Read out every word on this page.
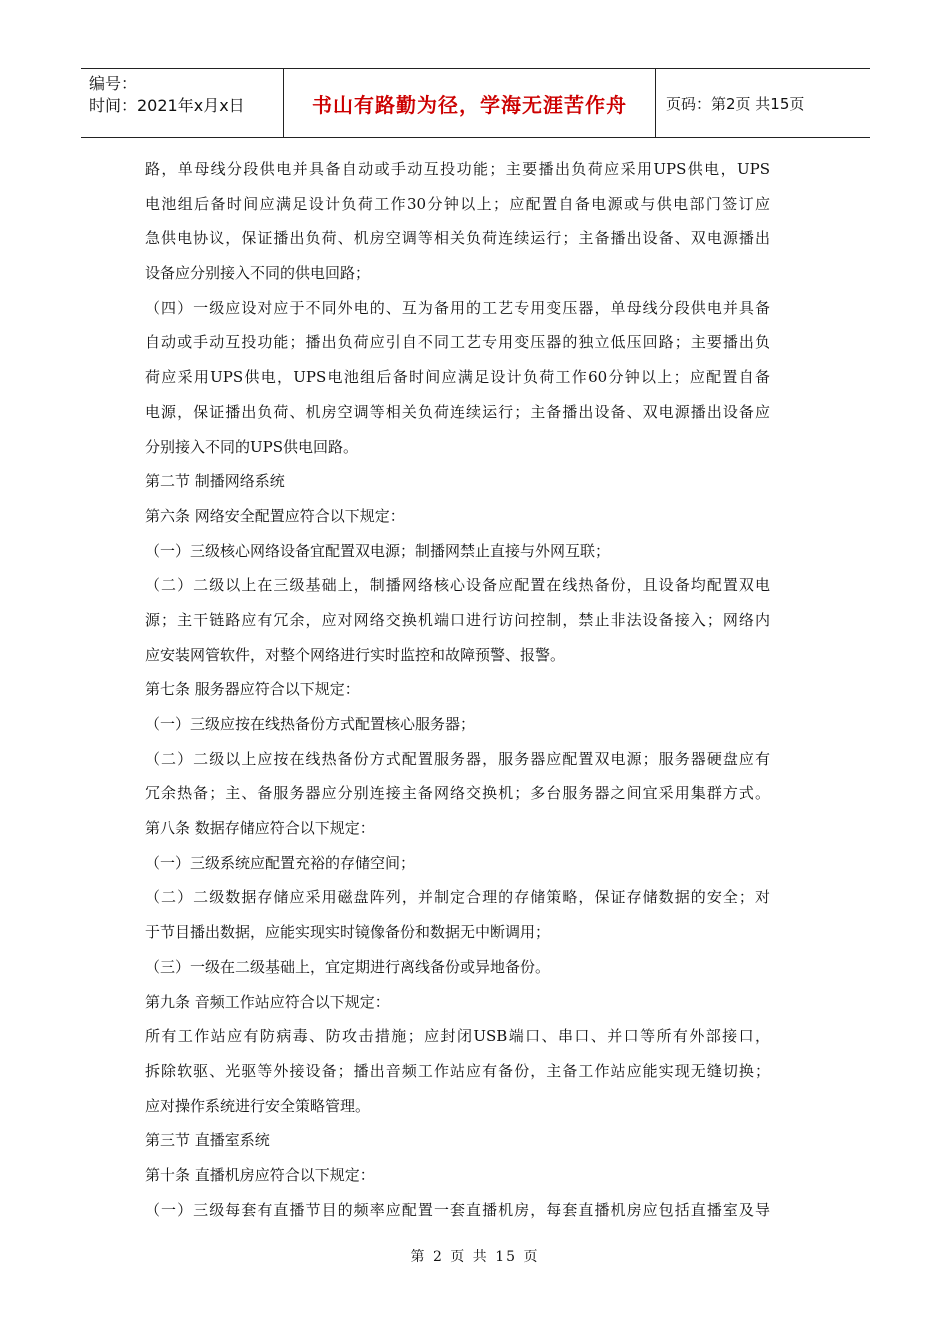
编号：
时间：2021年x月x日	书山有路勤为径，学海无涯苦作舟	页码：第2页 共15页
路，单母线分段供电并具备自动或手动互投功能；主要播出负荷应采用UPS供电，UPS
电池组后备时间应满足设计负荷工作30分钟以上；应配置自备电源或与供电部门签订应
急供电协议，保证播出负荷、机房空调等相关负荷连续运行；主备播出设备、双电源播出
设备应分别接入不同的供电回路；
（四）一级应设对应于不同外电的、互为备用的工艺专用变压器，单母线分段供电并具备
自动或手动互投功能；播出负荷应引自不同工艺专用变压器的独立低压回路；主要播出负
荷应采用UPS供电，UPS电池组后备时间应满足设计负荷工作60分钟以上；应配置自备
电源，保证播出负荷、机房空调等相关负荷连续运行；主备播出设备、双电源播出设备应
分别接入不同的UPS供电回路。
第二节 制播网络系统
第六条 网络安全配置应符合以下规定：
（一）三级核心网络设备宜配置双电源；制播网禁止直接与外网互联；
（二）二级以上在三级基础上，制播网络核心设备应配置在线热备份，且设备均配置双电
源；主干链路应有冗余，应对网络交换机端口进行访问控制，禁止非法设备接入；网络内
应安装网管软件，对整个网络进行实时监控和故障预警、报警。
第七条 服务器应符合以下规定：
（一）三级应按在线热备份方式配置核心服务器；
（二）二级以上应按在线热备份方式配置服务器，服务器应配置双电源；服务器硬盘应有
冗余热备；主、备服务器应分别连接主备网络交换机；多台服务器之间宜采用集群方式。
第八条 数据存储应符合以下规定：
（一）三级系统应配置充裕的存储空间；
（二）二级数据存储应采用磁盘阵列，并制定合理的存储策略，保证存储数据的安全；对
于节目播出数据，应能实现实时镜像备份和数据无中断调用；
（三）一级在二级基础上，宜定期进行离线备份或异地备份。
第九条 音频工作站应符合以下规定：
所有工作站应有防病毒、防攻击措施；应封闭USB端口、串口、并口等所有外部接口，
拆除软驱、光驱等外接设备；播出音频工作站应有备份，主备工作站应能实现无缝切换；
应对操作系统进行安全策略管理。
第三节 直播室系统
第十条 直播机房应符合以下规定：
（一）三级每套有直播节目的频率应配置一套直播机房，每套直播机房应包括直播室及导
第 2 页 共 15 页
